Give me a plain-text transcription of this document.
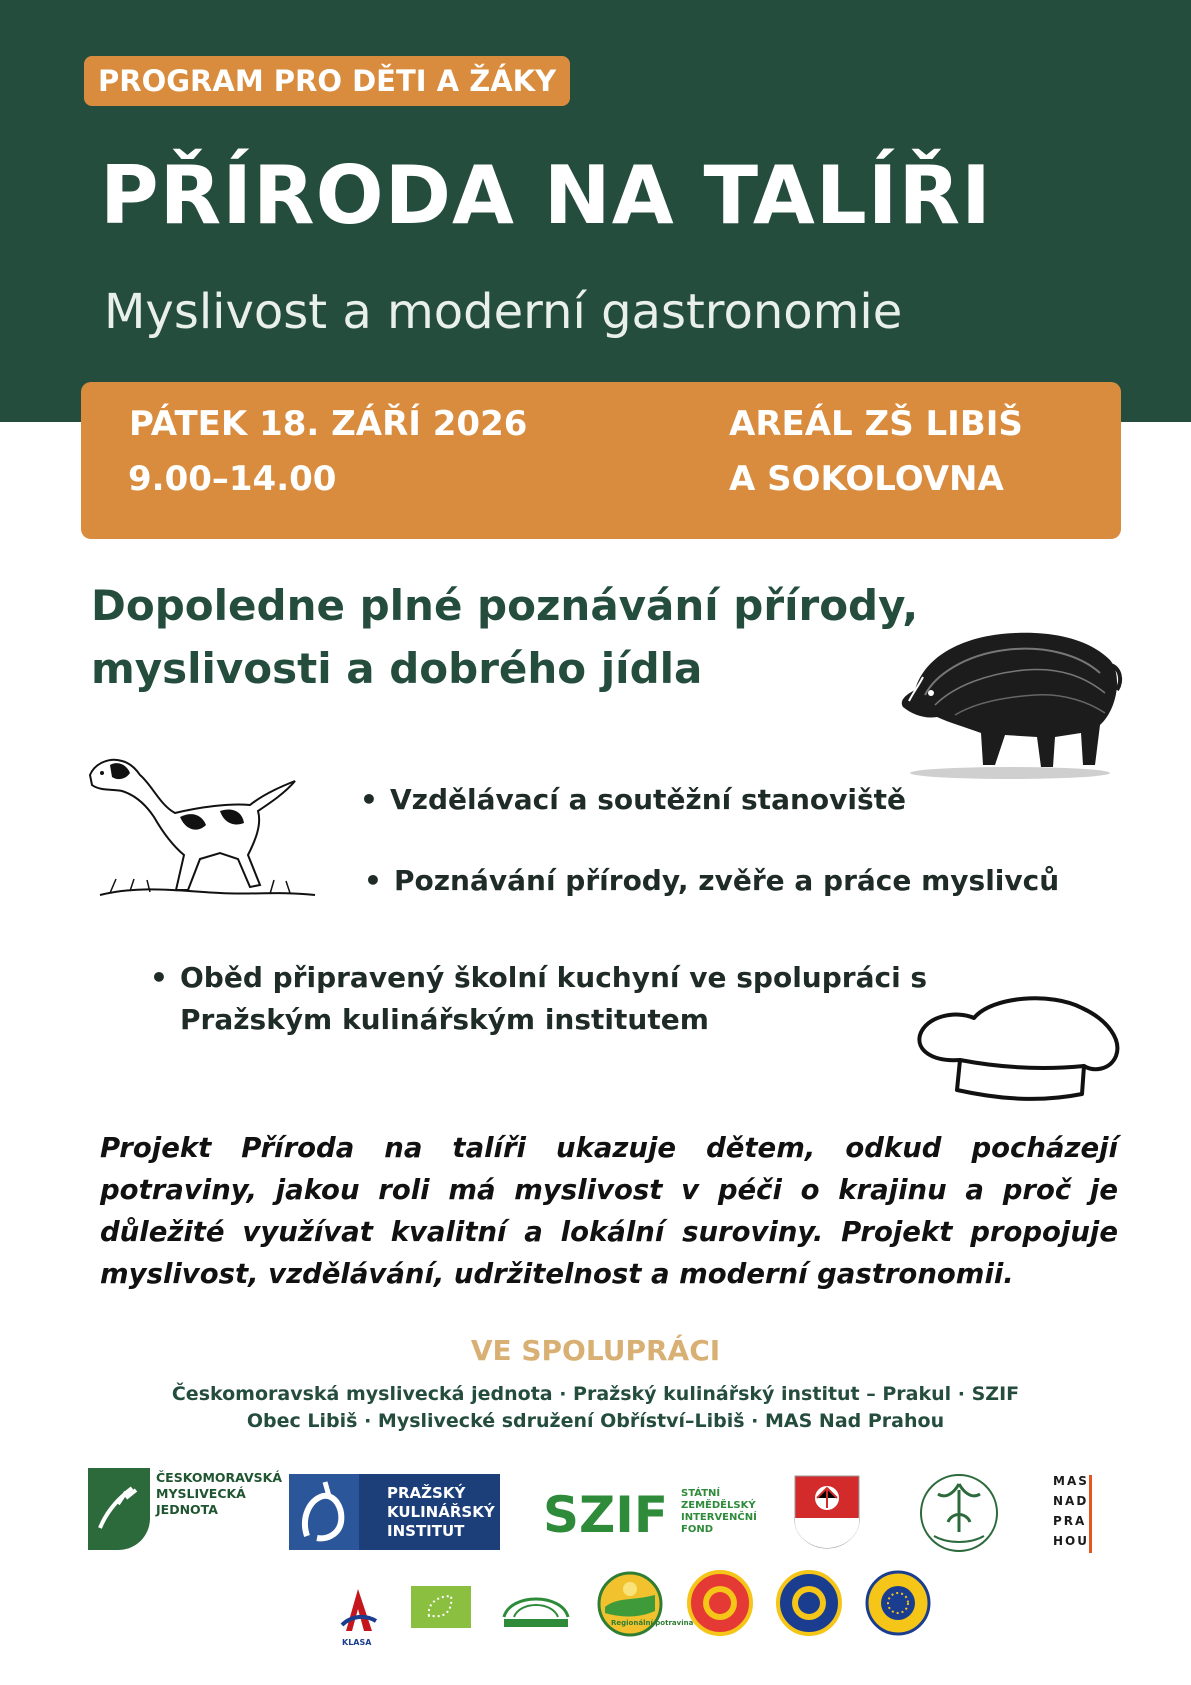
PROGRAM PRO DĚTI A ŽÁKY
PŘÍRODA NA TALÍŘI
Myslivost a moderní gastronomie
PÁTEK 18. ZÁŘÍ 2026
9.00–14.00
AREÁL ZŠ LIBIŠ
A SOKOLOVNA
Dopoledne plné poznávání přírody,
myslivosti a dobrého jídla
• Vzdělávací a soutěžní stanoviště
• Poznávání přírody, zvěře a práce myslivců
• Oběd připravený školní kuchyní ve spolupráci s Pražským kulinářským institutem
Projekt Příroda na talíři ukazuje dětem, odkud pocházejí potraviny, jakou roli má myslivost v péči o krajinu a proč je důležité využívat kvalitní a lokální suroviny. Projekt propojuje myslivost, vzdělávání, udržitelnost a moderní gastronomii.
VE SPOLUPRÁCI
Českomoravská myslivecká jednota · Pražský kulinářský institut – Prakul · SZIF
Obec Libiš · Myslivecké sdružení Obříství–Libiš · MAS Nad Prahou
ČESKOMORAVSKÁ
MYSLIVECKÁ
JEDNOTA
PRAŽSKÝ
KULINÁŘSKÝ
INSTITUT SZIF STÁTNÍ
ZEMĚDĚLSKÝ
INTERVENČNÍ
FOND
MAS
NAD
PRA
HOU
KLASA
Regionální potravina
